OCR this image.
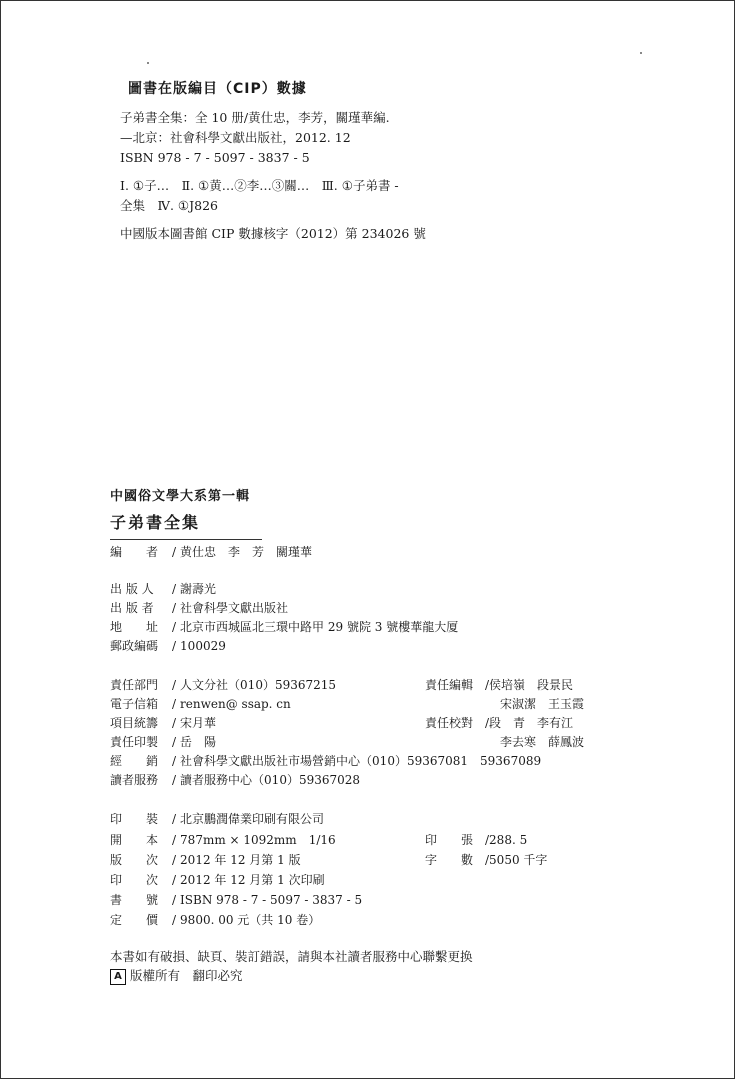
圖書在版編目（CIP）數據
子弟書全集：全 10 册/黄仕忠，李芳，關瑾華編.
—北京：社會科學文獻出版社，2012. 12
ISBN 978 - 7 - 5097 - 3837 - 5
Ⅰ. ①子…　Ⅱ. ①黄…②李…③關…　Ⅲ. ①子弟書 -
全集　Ⅳ. ①J826
中國版本圖書館 CIP 數據核字（2012）第 234026 號
中國俗文學大系第一輯
子弟書全集
編　　者 / 黄仕忠　李　芳　關瑾華
出 版 人 / 謝壽光
出 版 者 / 社會科學文獻出版社
地　　址 / 北京市西城區北三環中路甲 29 號院 3 號樓華龍大厦
郵政編碼 / 100029
責任部門 / 人文分社（010）59367215
電子信箱 / renwen@ ssap. cn
項目統籌 / 宋月華
責任印製 / 岳　陽
責任編輯 /侯培嶺　段景民
宋淑潔　王玉霞
責任校對 /段　青　李有江
李去寒　薛鳳波
經　　銷 / 社會科學文獻出版社市場營銷中心（010）59367081　59367089
讀者服務 / 讀者服務中心（010）59367028
印　　裝 / 北京鵬潤偉業印刷有限公司
開　　本 / 787mm × 1092mm　1/16	印　　張 /288. 5
版　　次 / 2012 年 12 月第 1 版	字　　數 /5050 千字
印　　次 / 2012 年 12 月第 1 次印刷
書　　號 / ISBN 978 - 7 - 5097 - 3837 - 5
定　　價 / 9800. 00 元（共 10 卷）
本書如有破損、缺頁、裝訂錯誤，請與本社讀者服務中心聯繫更换
A 版權所有　翻印必究
